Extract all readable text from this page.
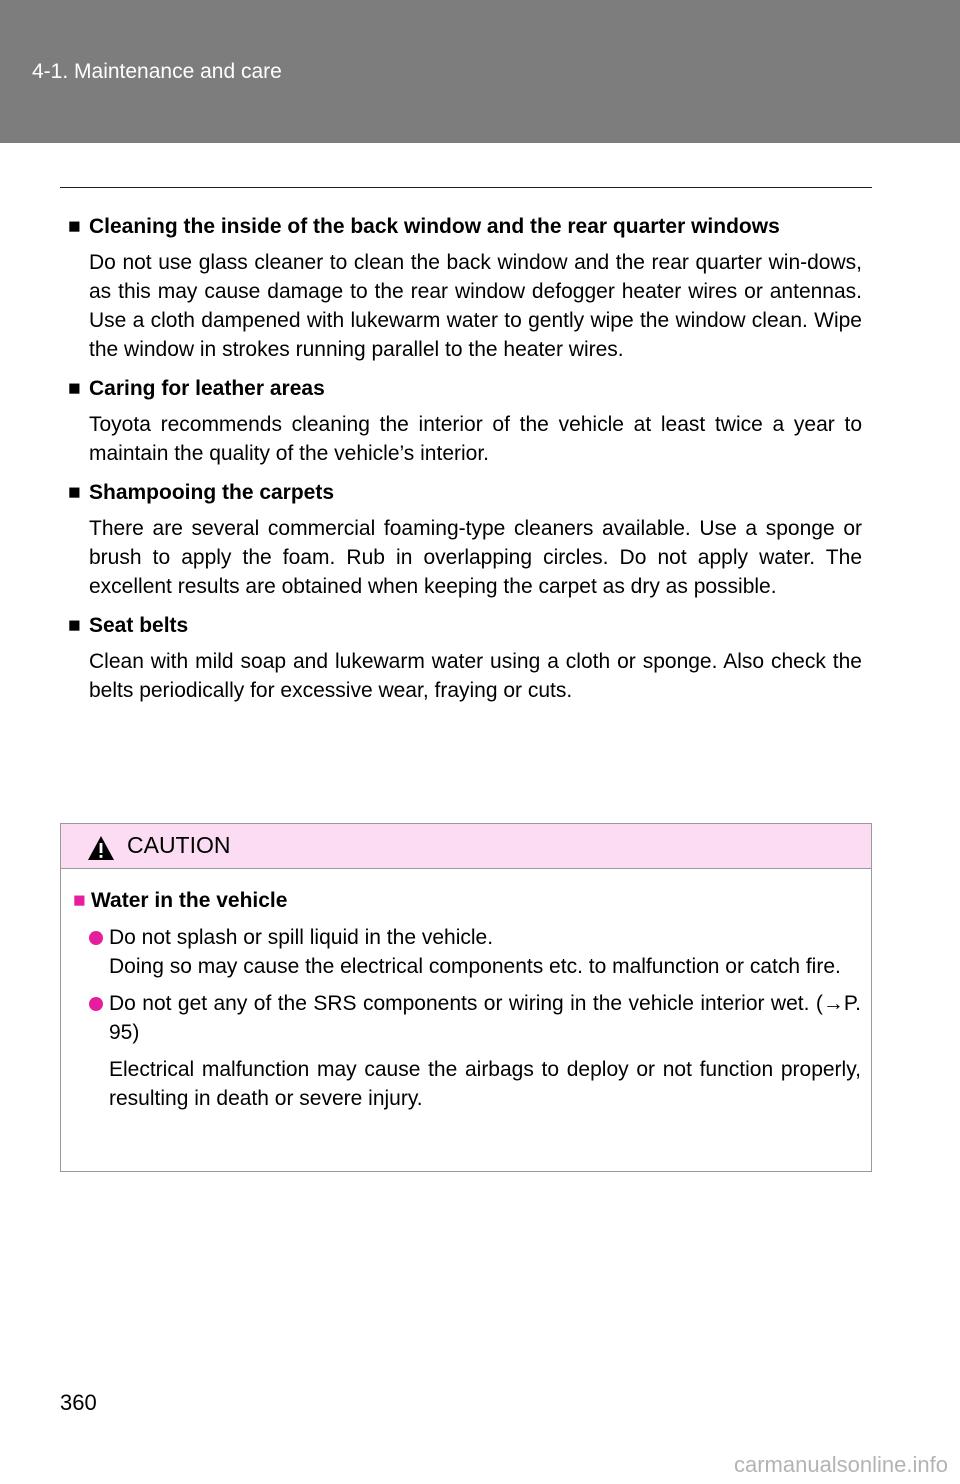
4-1. Maintenance and care
■ Cleaning the inside of the back window and the rear quarter windows
Do not use glass cleaner to clean the back window and the rear quarter win-dows, as this may cause damage to the rear window defogger heater wires or antennas. Use a cloth dampened with lukewarm water to gently wipe the window clean. Wipe the window in strokes running parallel to the heater wires.
■ Caring for leather areas
Toyota recommends cleaning the interior of the vehicle at least twice a year to maintain the quality of the vehicle’s interior.
■ Shampooing the carpets
There are several commercial foaming-type cleaners available. Use a sponge or brush to apply the foam. Rub in overlapping circles. Do not apply water. The excellent results are obtained when keeping the carpet as dry as possible.
■ Seat belts
Clean with mild soap and lukewarm water using a cloth or sponge. Also check the belts periodically for excessive wear, fraying or cuts.
CAUTION
■ Water in the vehicle

Do not splash or spill liquid in the vehicle.

Doing so may cause the electrical components etc. to malfunction or catch fire.

Do not get any of the SRS components or wiring in the vehicle interior wet. (→P. 95)

Electrical malfunction may cause the airbags to deploy or not function properly, resulting in death or severe injury.

360
carmanualsonline.info
